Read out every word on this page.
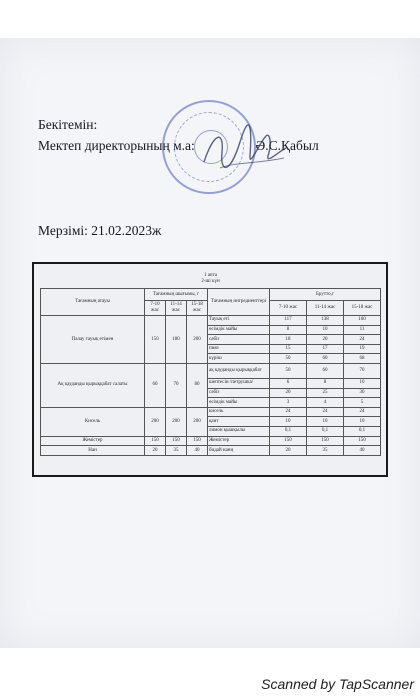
Бекітемін:
Мектеп директорының м.а:	Ә.С.Қабыл
Мерзімі: 21.02.2023ж
1 апта
2-ші күн							

Тағамның атауы	Тағамның шығымы, г			Тағамның ингредиенттері	Брутто,г		
	7-10 жас	11-14 жас	15-18 жас		7-10 жас	11-14 жас	15-18 жас
Палау тауық етімен	150	180	200	Тауық еті	117	138	160
				өсімдік майы	8	10	11
				сәбіз	18	20	24
				пияз	15	17	19
				күріш	50	60	68
Ақ қауданды қырыққабат салаты	60	70	80	ақ қауданды қырыққабат	50	60	70
				шептесін /петрушка/	6	8	10
				сәбіз	20	25	30
				өсімдік майы	3	4	5
Кисель	200	200	200	кисель	24	24	24
				қант	10	10	10
				лимон қышқылы	0,1	0,1	0,1
Жемістер	150	150	150	Жемістер	150	150	150
Нан	20	35	40	бидай нанң	20	35	40
Scanned by TapScanner
